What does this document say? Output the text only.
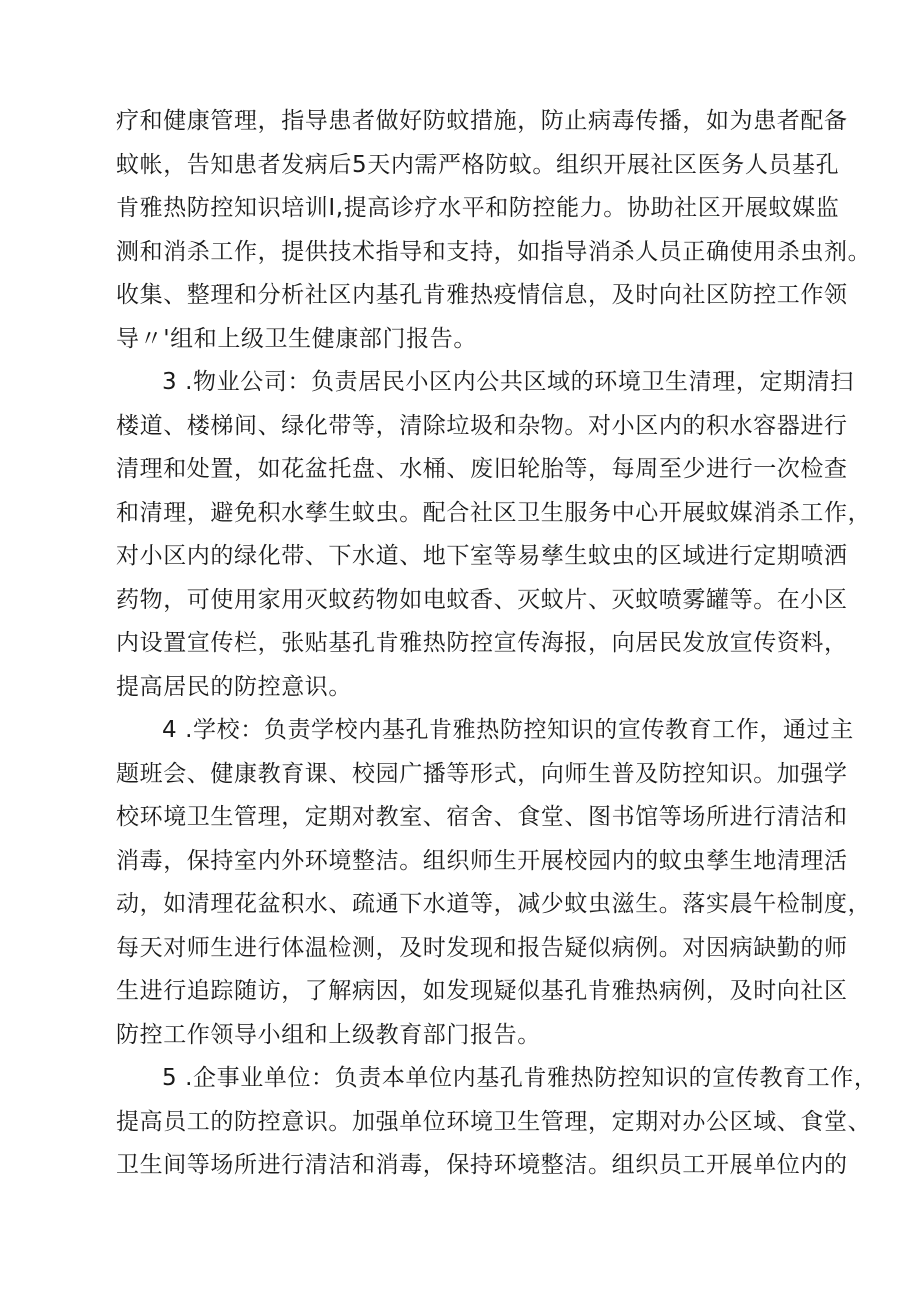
疗和健康管理，指导患者做好防蚊措施，防止病毒传播，如为患者配备
蚊帐，告知患者发病后5天内需严格防蚊。组织开展社区医务人员基孔
肯雅热防控知识培训I,提高诊疗水平和防控能力。协助社区开展蚊媒监
测和消杀工作，提供技术指导和支持，如指导消杀人员正确使用杀虫剂。
收集、整理和分析社区内基孔肯雅热疫情信息，及时向社区防控工作领
导〃'组和上级卫生健康部门报告。
3 .物业公司：负责居民小区内公共区域的环境卫生清理，定期清扫
楼道、楼梯间、绿化带等，清除垃圾和杂物。对小区内的积水容器进行
清理和处置，如花盆托盘、水桶、废旧轮胎等，每周至少进行一次检查
和清理，避免积水孳生蚊虫。配合社区卫生服务中心开展蚊媒消杀工作，
对小区内的绿化带、下水道、地下室等易孳生蚊虫的区域进行定期喷洒
药物，可使用家用灭蚊药物如电蚊香、灭蚊片、灭蚊喷雾罐等。在小区
内设置宣传栏，张贴基孔肯雅热防控宣传海报，向居民发放宣传资料，
提高居民的防控意识。
4 .学校：负责学校内基孔肯雅热防控知识的宣传教育工作，通过主
题班会、健康教育课、校园广播等形式，向师生普及防控知识。加强学
校环境卫生管理，定期对教室、宿舍、食堂、图书馆等场所进行清洁和
消毒，保持室内外环境整洁。组织师生开展校园内的蚊虫孳生地清理活
动，如清理花盆积水、疏通下水道等，减少蚊虫滋生。落实晨午检制度，
每天对师生进行体温检测，及时发现和报告疑似病例。对因病缺勤的师
生进行追踪随访，了解病因，如发现疑似基孔肯雅热病例，及时向社区
防控工作领导小组和上级教育部门报告。
5 .企事业单位：负责本单位内基孔肯雅热防控知识的宣传教育工作，
提高员工的防控意识。加强单位环境卫生管理，定期对办公区域、食堂、
卫生间等场所进行清洁和消毒，保持环境整洁。组织员工开展单位内的
